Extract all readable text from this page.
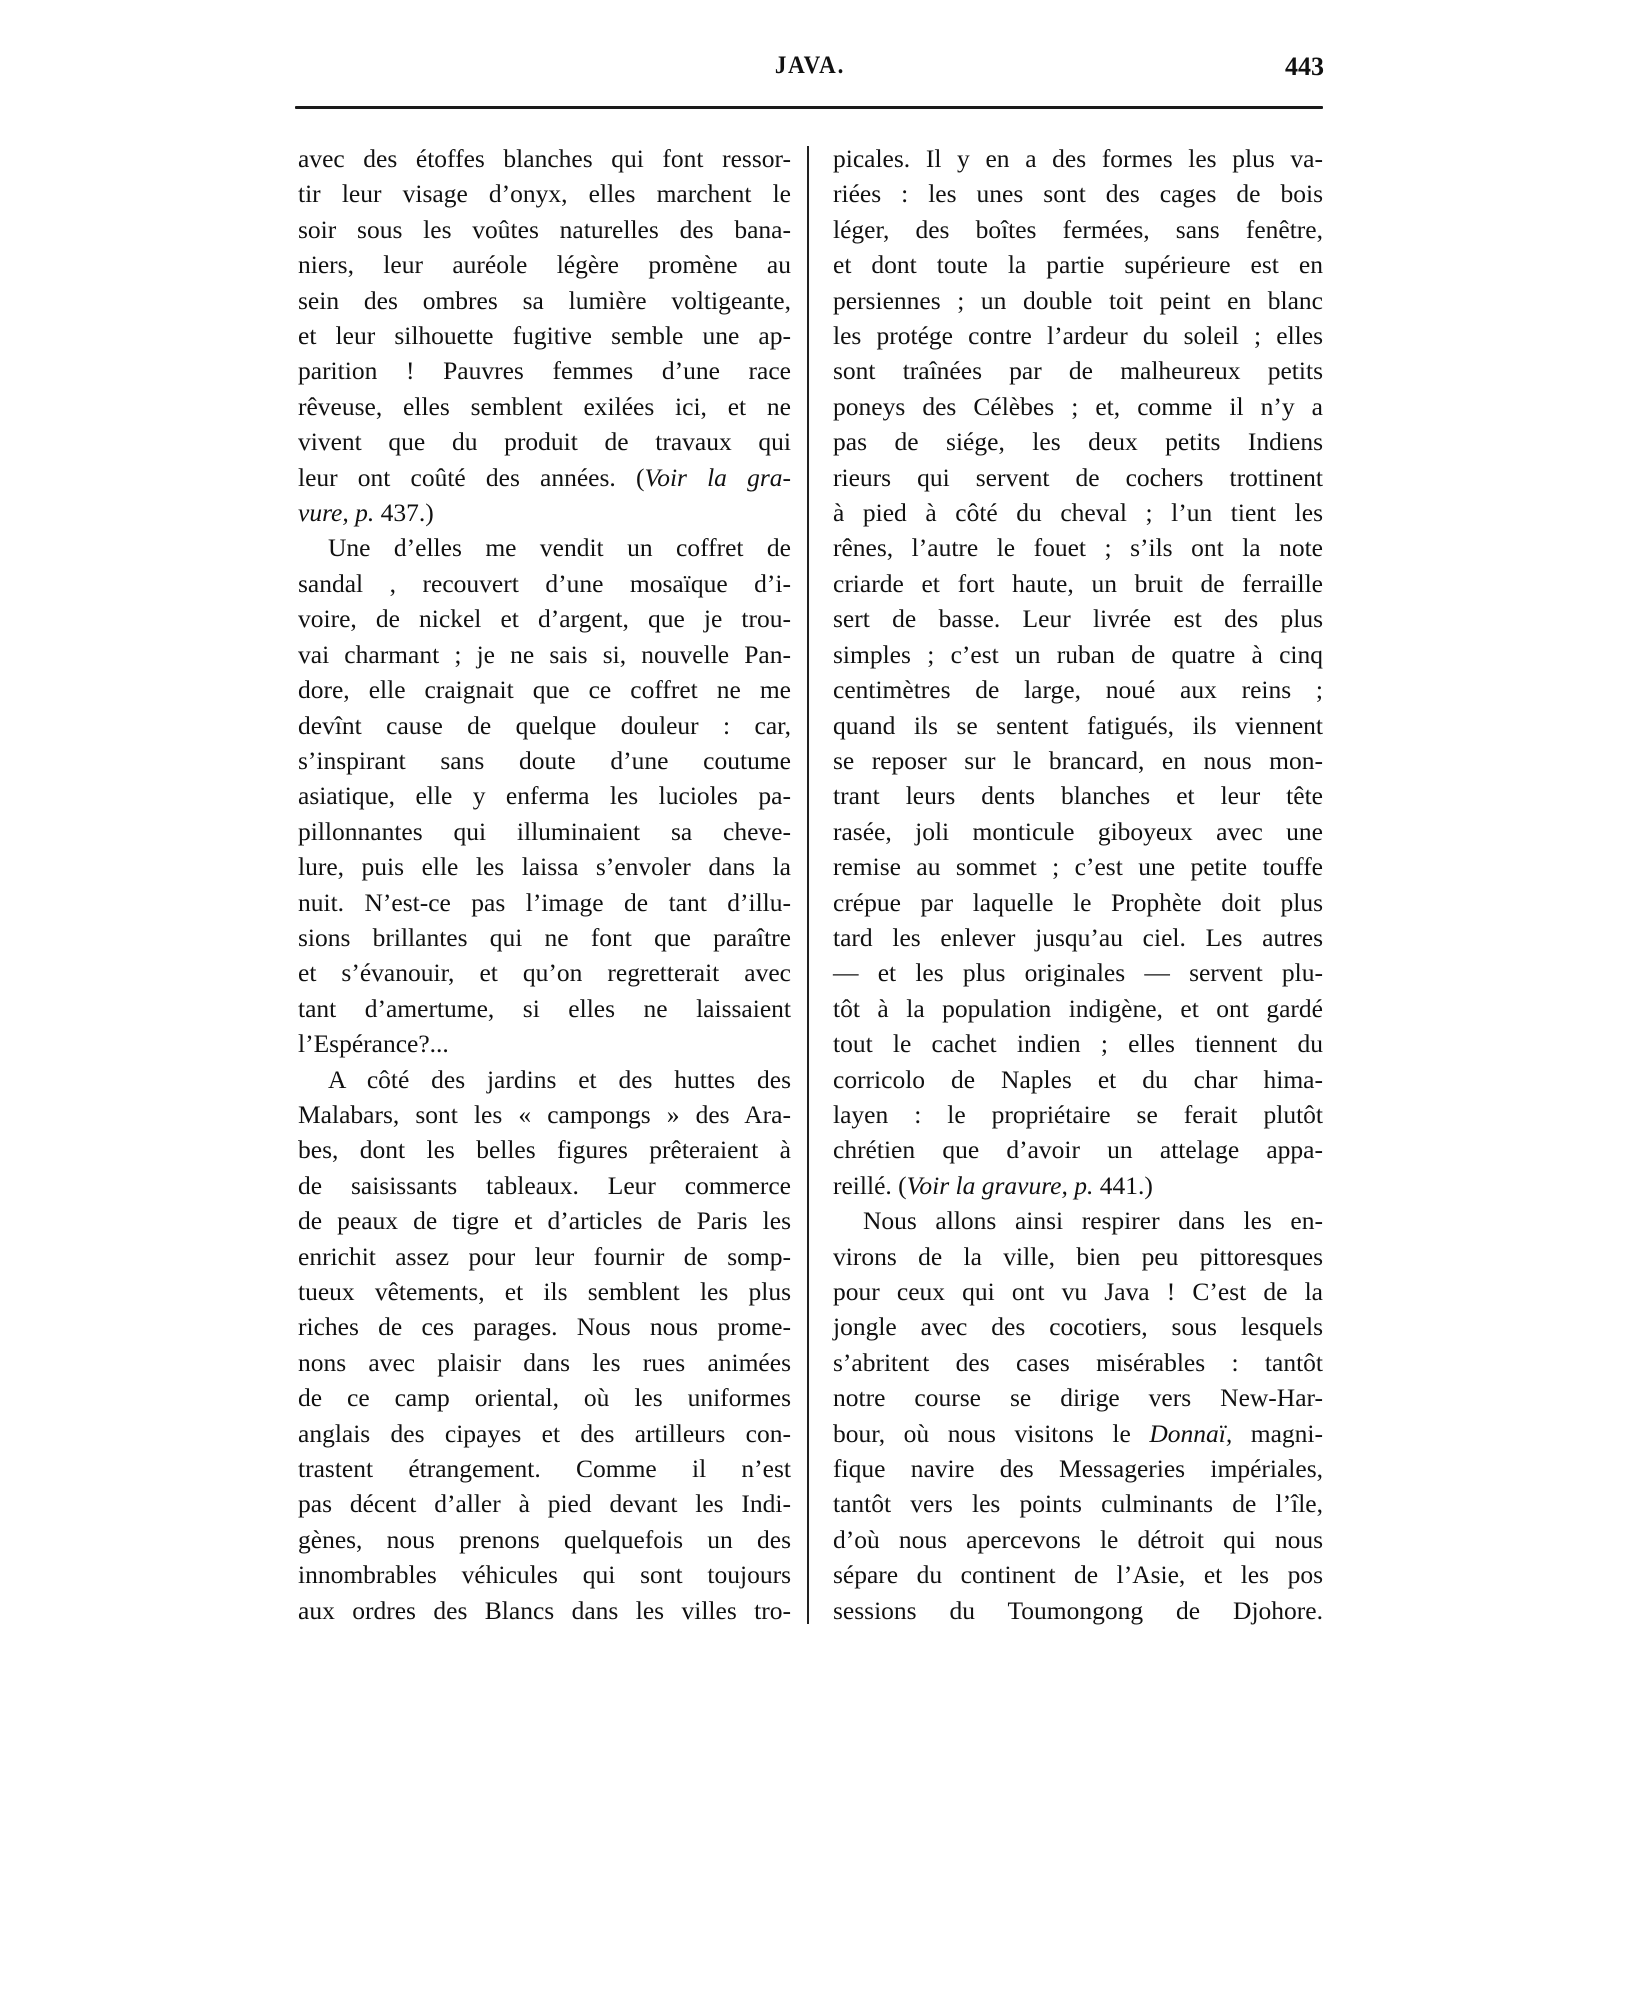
JAVA.	443
avec des étoffes blanches qui font ressor-
tir leur visage d’onyx, elles marchent le
soir sous les voûtes naturelles des bana-
niers, leur auréole légère promène au
sein des ombres sa lumière voltigeante,
et leur silhouette fugitive semble une ap-
parition ! Pauvres femmes d’une race
rêveuse, elles semblent exilées ici, et ne
vivent que du produit de travaux qui
leur ont coûté des années. (Voir la gra-
vure, p. 437.)
Une d’elles me vendit un coffret de
sandal , recouvert d’une mosaïque d’i-
voire, de nickel et d’argent, que je trou-
vai charmant ; je ne sais si, nouvelle Pan-
dore, elle craignait que ce coffret ne me
devînt cause de quelque douleur : car,
s’inspirant sans doute d’une coutume
asiatique, elle y enferma les lucioles pa-
pillonnantes qui illuminaient sa cheve-
lure, puis elle les laissa s’envoler dans la
nuit. N’est-ce pas l’image de tant d’illu-
sions brillantes qui ne font que paraître
et s’évanouir, et qu’on regretterait avec
tant d’amertume, si elles ne laissaient
l’Espérance?...
A côté des jardins et des huttes des
Malabars, sont les « campongs » des Ara-
bes, dont les belles figures prêteraient à
de saisissants tableaux. Leur commerce
de peaux de tigre et d’articles de Paris les
enrichit assez pour leur fournir de somp-
tueux vêtements, et ils semblent les plus
riches de ces parages. Nous nous prome-
nons avec plaisir dans les rues animées
de ce camp oriental, où les uniformes
anglais des cipayes et des artilleurs con-
trastent étrangement. Comme il n’est
pas décent d’aller à pied devant les Indi-
gènes, nous prenons quelquefois un des
innombrables véhicules qui sont toujours
aux ordres des Blancs dans les villes tro-
picales. Il y en a des formes les plus va-
riées : les unes sont des cages de bois
léger, des boîtes fermées, sans fenêtre,
et dont toute la partie supérieure est en
persiennes ; un double toit peint en blanc
les protége contre l’ardeur du soleil ; elles
sont traînées par de malheureux petits
poneys des Célèbes ; et, comme il n’y a
pas de siége, les deux petits Indiens
rieurs qui servent de cochers trottinent
à pied à côté du cheval ; l’un tient les
rênes, l’autre le fouet ; s’ils ont la note
criarde et fort haute, un bruit de ferraille
sert de basse. Leur livrée est des plus
simples ; c’est un ruban de quatre à cinq
centimètres de large, noué aux reins ;
quand ils se sentent fatigués, ils viennent
se reposer sur le brancard, en nous mon-
trant leurs dents blanches et leur tête
rasée, joli monticule giboyeux avec une
remise au sommet ; c’est une petite touffe
crépue par laquelle le Prophète doit plus
tard les enlever jusqu’au ciel. Les autres
— et les plus originales — servent plu-
tôt à la population indigène, et ont gardé
tout le cachet indien ; elles tiennent du
corricolo de Naples et du char hima-
layen : le propriétaire se ferait plutôt
chrétien que d’avoir un attelage appa-
reillé. (Voir la gravure, p. 441.)
Nous allons ainsi respirer dans les en-
virons de la ville, bien peu pittoresques
pour ceux qui ont vu Java ! C’est de la
jongle avec des cocotiers, sous lesquels
s’abritent des cases misérables : tantôt
notre course se dirige vers New-Har-
bour, où nous visitons le Donnaï, magni-
fique navire des Messageries impériales,
tantôt vers les points culminants de l’île,
d’où nous apercevons le détroit qui nous
sépare du continent de l’Asie, et les pos
sessions du Toumongong de Djohore.
